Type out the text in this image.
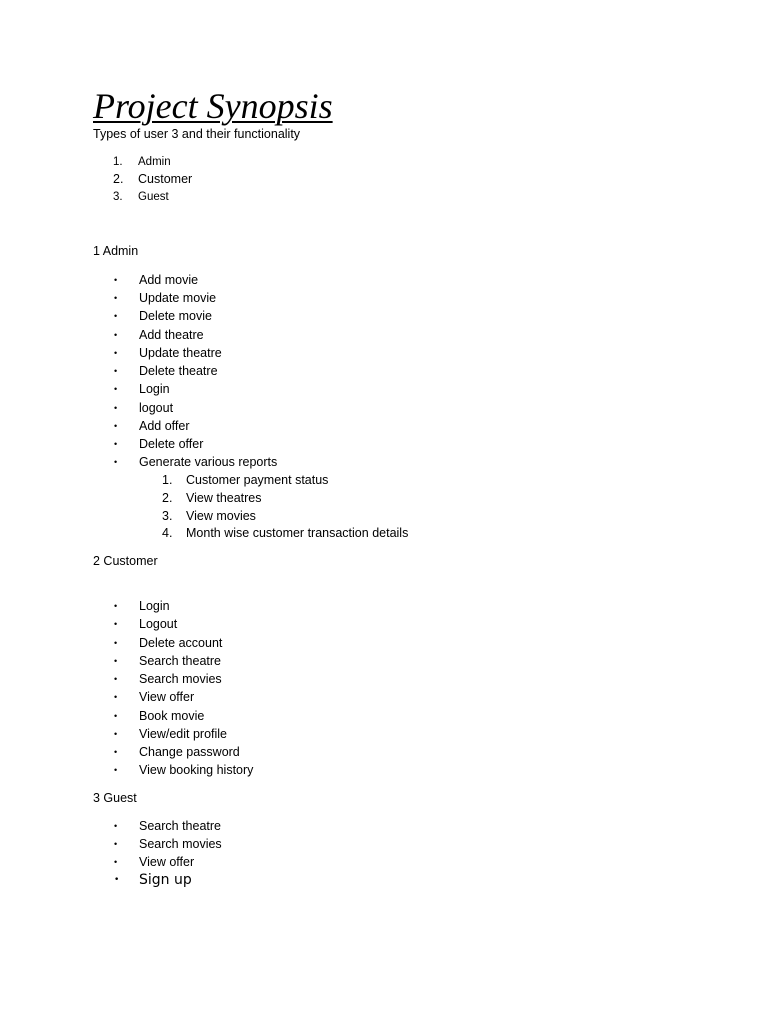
Project Synopsis
Types of user 3 and their functionality
1.	Admin
2.	Customer
3.	Guest
1 Admin
• Add movie
• Update movie
• Delete movie
• Add theatre
• Update theatre
• Delete theatre
• Login
• logout
• Add offer
• Delete offer
• Generate various reports
1. Customer payment status
2. View theatres
3. View movies
4. Month wise customer transaction details
2 Customer
• Login
• Logout
• Delete account
• Search theatre
• Search movies
• View offer
• Book movie
• View/edit profile
• Change password
• View booking history
3 Guest
• Search theatre
• Search movies
• View offer
• Sign up
